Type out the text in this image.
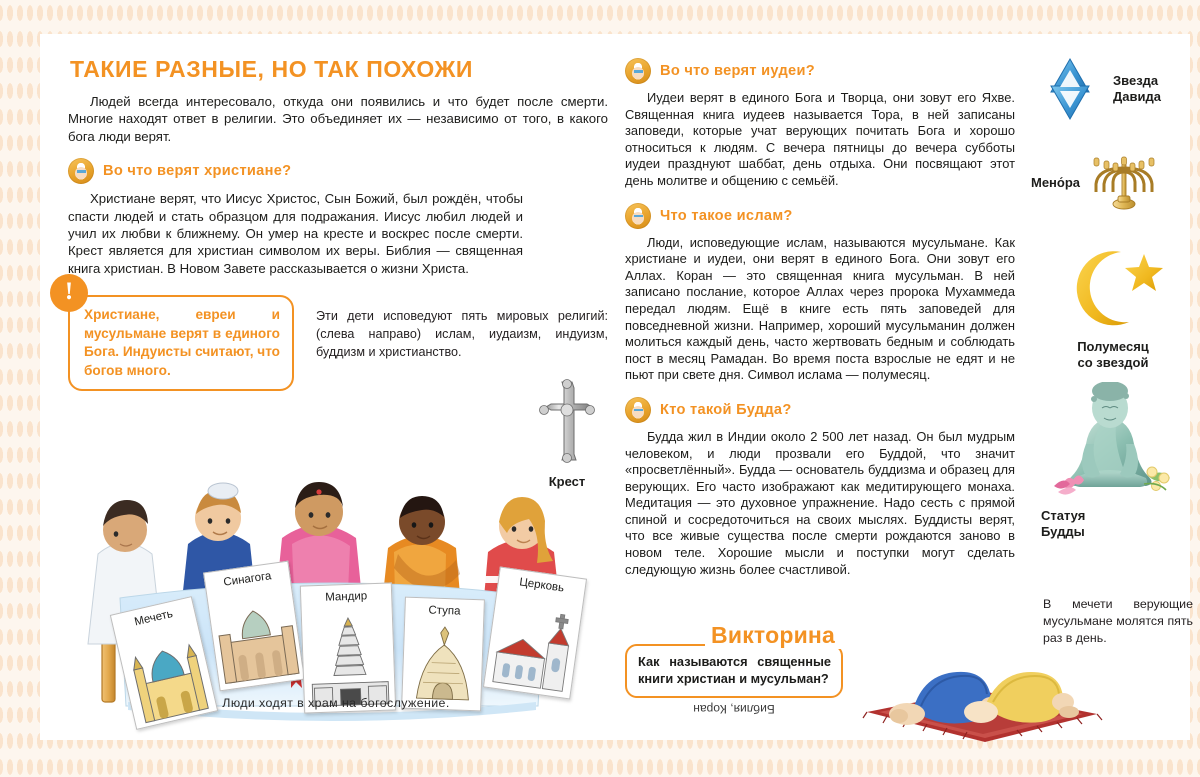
ТАКИЕ РАЗНЫЕ, НО ТАК ПОХОЖИ

Людей всегда интересовало, откуда они появились и что будет после смерти. Многие находят ответ в религии. Это объединяет их — независимо от того, в какого бога люди верят.

Во что верят христиане?

Христиане верят, что Иисус Христос, Сын Божий, был рождён, чтобы спасти людей и стать образцом для подражания. Иисус любил людей и учил их любви к ближнему. Он умер на кресте и воскрес после смерти. Крест является для христиан символом их веры. Библия — священная книга христиан. В Новом Завете рассказывается о жизни Христа.

Крест
!
Христиане, евреи и мусульмане верят в единого Бога. Индуисты считают, что богов много.
Эти дети исповедуют пять мировых религий: (слева направо) ислам, иудаизм, индуизм, буддизм и христианство.
Мечеть
Синагога
Мандир
Ступа
Церковь
Люди ходят в храм на богослужение.
Во что верят иудеи?

Иудеи верят в единого Бога и Творца, они зовут его Яхве. Священная книга иудеев называется Тора, в ней записаны заповеди, которые учат верующих почитать Бога и хорошо относиться к людям. С вечера пятницы до вечера субботы иудеи празднуют шаббат, день отдыха. Они посвящают этот день молитве и общению с семьёй.

Что такое ислам?

Люди, исповедующие ислам, называются мусульмане. Как христиане и иудеи, они верят в единого Бога. Они зовут его Аллах. Коран — это священная книга мусульман. В ней записано послание, которое Аллах через пророка Мухаммеда передал людям. Ещё в книге есть пять заповедей для повседневной жизни. Например, хороший мусульманин должен молиться каждый день, часто жертвовать бедным и соблюдать пост в месяц Рамадан. Во время поста взрослые не едят и не пьют при свете дня. Символ ислама — полумесяц.

Кто такой Будда?

Будда жил в Индии около 2 500 лет назад. Он был мудрым человеком, и люди прозвали его Буддой, что значит «просветлённый». Будда — основатель буддизма и образец для верующих. Его часто изображают как медитирующего монаха. Медитация — это духовное упражнение. Надо сесть с прямой спиной и сосредоточиться на своих мыслях. Буддисты верят, что все живые существа после смерти рождаются заново в новом теле. Хорошие мысли и поступки могут сделать следующую жизнь более счастливой.

Викторина
Как называются священные книги христиан и мусульман?
Библия, Коран
Звезда
Давида
Мено́ра
Полумесяц
со звездой
Статуя
Будды
В мечети верующие мусульмане молятся пять раз в день.
